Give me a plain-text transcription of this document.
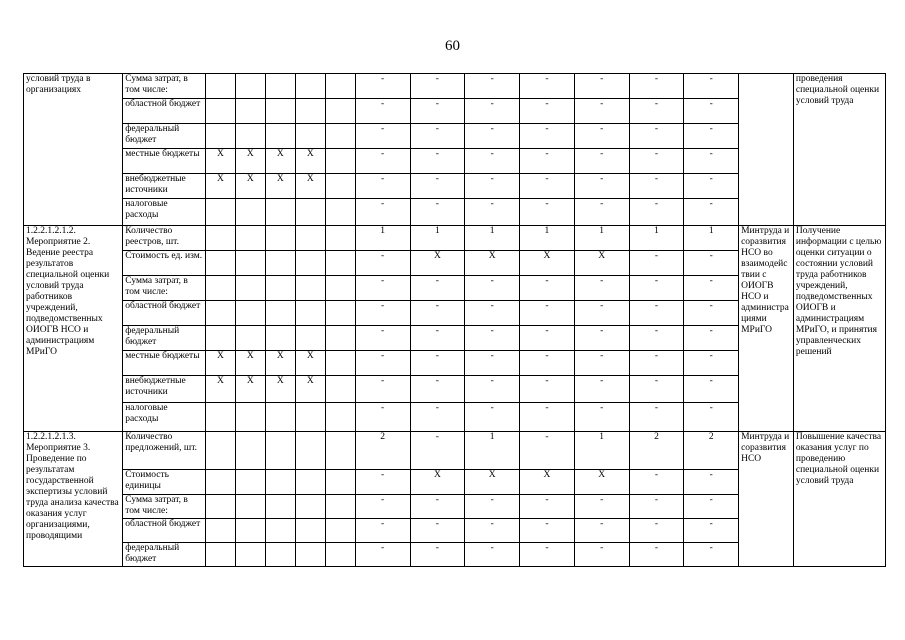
60
условий труда в организациях	Сумма затрат, в том числе:						-	-	-	-	-	-	-		проведения специальной оценки условий труда
	областной бюджет						-	-	-	-	-	-	-		
	федеральный бюджет						-	-	-	-	-	-	-		
	местные бюджеты	Х	Х	Х	Х		-	-	-	-	-	-	-		
	внебюджетные источники	Х	Х	Х	Х		-	-	-	-	-	-	-		
	налоговые расходы						-	-	-	-	-	-	-		
1.2.2.1.2.1.2. Мероприятие 2. Ведение реестра результатов специальной оценки условий труда работников учреждений, подведомственных ОИОГВ НСО и администрациям МРиГО	Количество реестров, шт.						1	1	1	1	1	1	1	Минтруда и соразвития НСО во взаимодействии с ОИОГВ НСО и администрациями МРиГО	Получение информации с целью оценки ситуации о состоянии условий труда работников учреждений, подведомственных ОИОГВ и администрациям МРиГО, и принятия управленческих решений
	Стоимость ед. изм.						-	Х	Х	Х	Х	-	-		
	Сумма затрат, в том числе:						-	-	-	-	-	-	-		
	областной бюджет						-	-	-	-	-	-	-		
	федеральный бюджет						-	-	-	-	-	-	-		
	местные бюджеты	Х	Х	Х	Х		-	-	-	-	-	-	-		
	внебюджетные источники	Х	Х	Х	Х		-	-	-	-	-	-	-		
	налоговые расходы						-	-	-	-	-	-	-		
1.2.2.1.2.1.3. Мероприятие 3. Проведение по результатам государственной экспертизы условий труда анализа качества оказания услуг организациями, проводящими	Количество предложений, шт.						2	-	1	-	1	2	2	Минтруда и соразвития НСО	Повышение качества оказания услуг по проведению специальной оценки условий труда
	Стоимость единицы						-	Х	Х	Х	Х	-	-		
	Сумма затрат, в том числе:						-	-	-	-	-	-	-		
	областной бюджет						-	-	-	-	-	-	-		
	федеральный бюджет						-	-	-	-	-	-	-		
